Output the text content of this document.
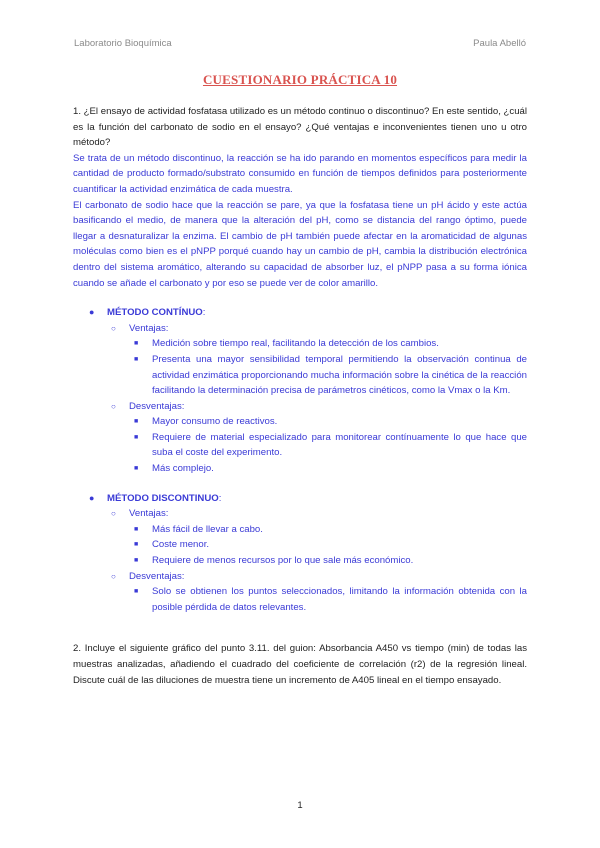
Laboratorio Bioquímica	Paula Abelló
CUESTIONARIO PRÁCTICA 10

1. ¿El ensayo de actividad fosfatasa utilizado es un método continuo o discontinuo? En este sentido, ¿cuál es la función del carbonato de sodio en el ensayo? ¿Qué ventajas e inconvenientes tienen uno u otro método?

Se trata de un método discontinuo, la reacción se ha ido parando en momentos específicos para medir la cantidad de producto formado/substrato consumido en función de tiempos definidos para posteriormente cuantificar la actividad enzimática de cada muestra.

El carbonato de sodio hace que la reacción se pare, ya que la fosfatasa tiene un pH ácido y este actúa basificando el medio, de manera que la alteración del pH, como se distancia del rango óptimo, puede llegar a desnaturalizar la enzima. El cambio de pH también puede afectar en la aromaticidad de algunas moléculas como bien es el pNPP porqué cuando hay un cambio de pH, cambia la distribución electrónica dentro del sistema aromático, alterando su capacidad de absorber luz, el pNPP pasa a su forma iónica cuando se añade el carbonato y por eso se puede ver de color amarillo.

● MÉTODO CONTÍNUO:
○ Ventajas:
■ Medición sobre tiempo real, facilitando la detección de los cambios.
■ Presenta una mayor sensibilidad temporal permitiendo la observación continua de actividad enzimática proporcionando mucha información sobre la cinética de la reacción facilitando la determinación precisa de parámetros cinéticos, como la Vmax o la Km.
○ Desventajas:
■ Mayor consumo de reactivos.
■ Requiere de material especializado para monitorear contínuamente lo que hace que suba el coste del experimento.
■ Más complejo.
● MÉTODO DISCONTINUO:
○ Ventajas:
■ Más fácil de llevar a cabo.
■ Coste menor.
■ Requiere de menos recursos por lo que sale más económico.
○ Desventajas:
■ Solo se obtienen los puntos seleccionados, limitando la información obtenida con la posible pérdida de datos relevantes.

2. Incluye el siguiente gráfico del punto 3.11. del guion: Absorbancia A450 vs tiempo (min) de todas las muestras analizadas, añadiendo el cuadrado del coeficiente de correlación (r2) de la regresión lineal. Discute cuál de las diluciones de muestra tiene un incremento de A405 lineal en el tiempo ensayado.

1
